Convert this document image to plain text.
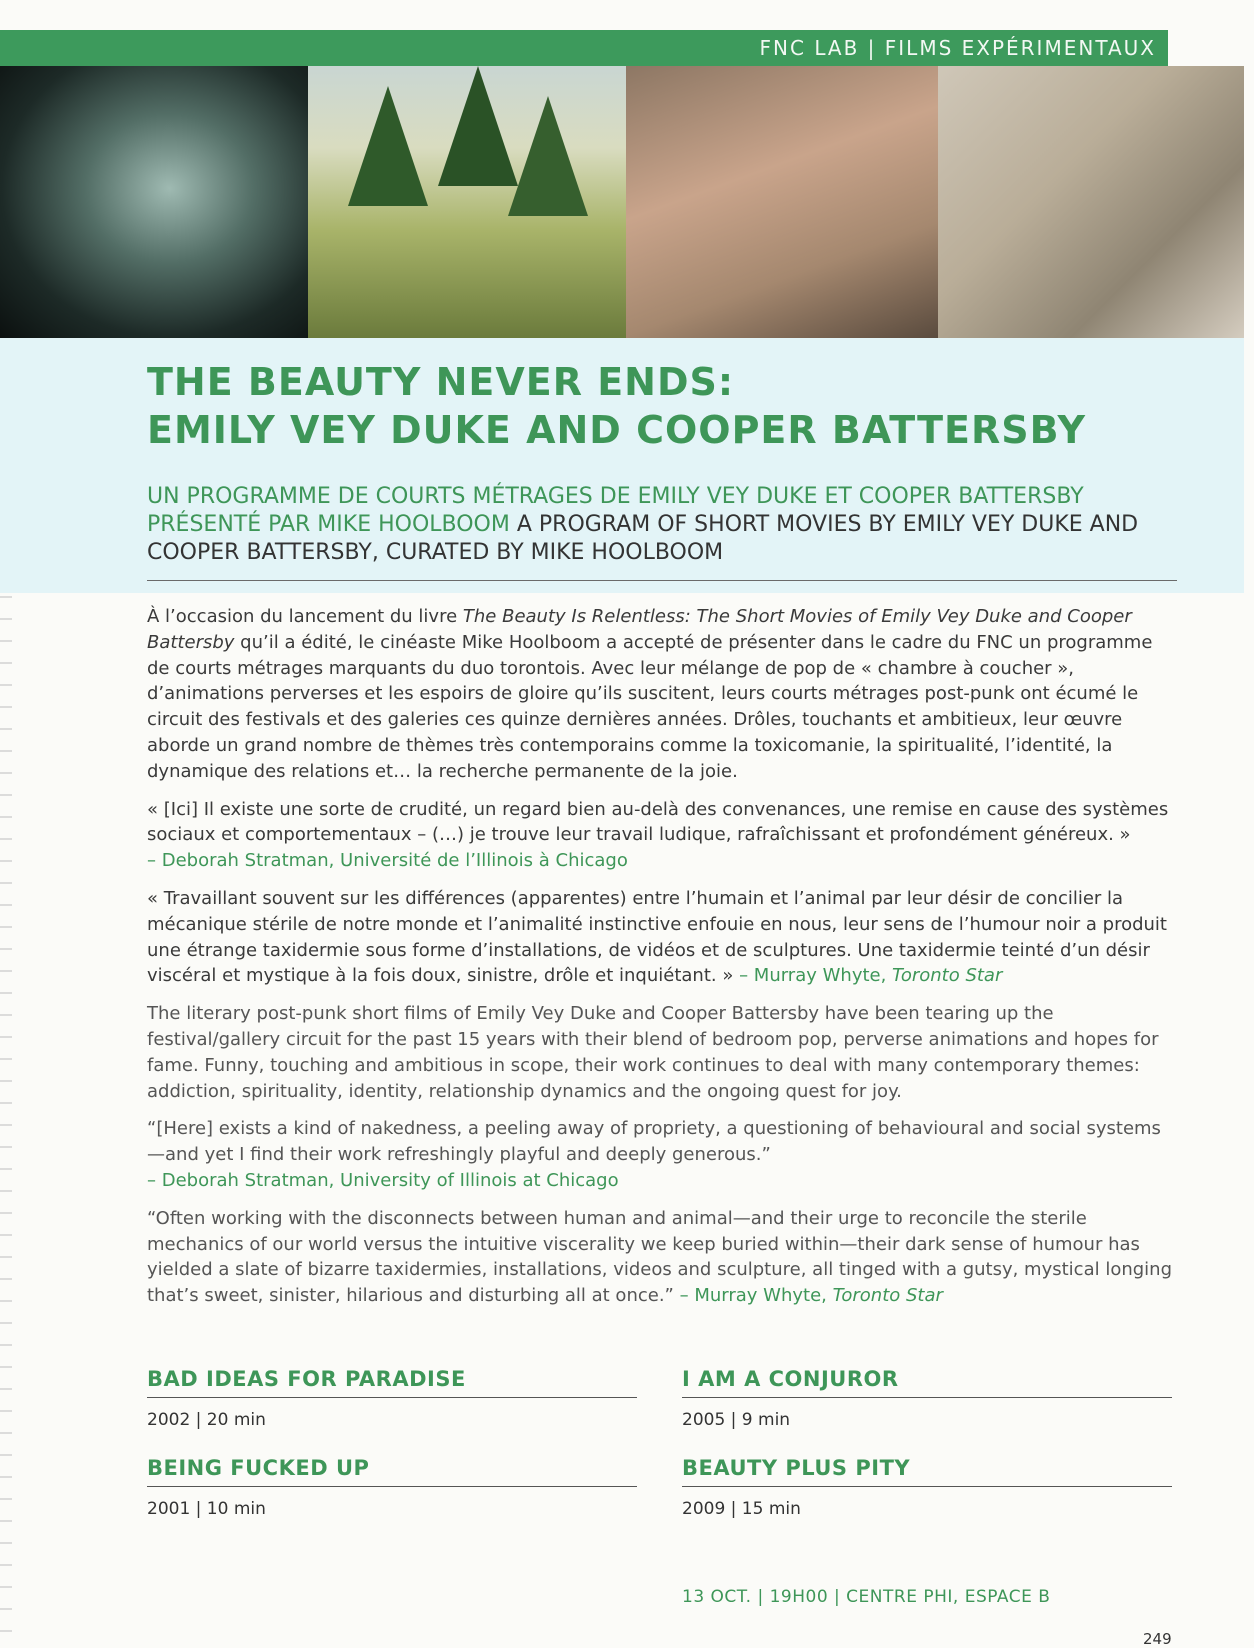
FNC LAB | FILMS EXPÉRIMENTAUX
THE BEAUTY NEVER ENDS:
EMILY VEY DUKE AND COOPER BATTERSBY

UN PROGRAMME DE COURTS MÉTRAGES DE EMILY VEY DUKE ET COOPER BATTERSBY PRÉSENTÉ PAR MIKE HOOLBOOM A PROGRAM OF SHORT MOVIES BY EMILY VEY DUKE AND COOPER BATTERSBY, CURATED BY MIKE HOOLBOOM

À l’occasion du lancement du livre The Beauty Is Relentless: The Short Movies of Emily Vey Duke and Cooper Battersby qu’il a édité, le cinéaste Mike Hoolboom a accepté de présenter dans le cadre du FNC un programme de courts métrages marquants du duo torontois. Avec leur mélange de pop de « chambre à coucher », d’animations perverses et les espoirs de gloire qu’ils suscitent, leurs courts métrages post-punk ont écumé le circuit des festivals et des galeries ces quinze dernières années. Drôles, touchants et ambitieux, leur œuvre aborde un grand nombre de thèmes très contemporains comme la toxicomanie, la spiritualité, l’identité, la dynamique des relations et… la recherche permanente de la joie.

« [Ici] Il existe une sorte de crudité, un regard bien au-delà des convenances, une remise en cause des systèmes sociaux et comportementaux – (…) je trouve leur travail ludique, rafraîchissant et profondément généreux. »
– Deborah Stratman, Université de l’Illinois à Chicago

« Travaillant souvent sur les différences (apparentes) entre l’humain et l’animal par leur désir de concilier la mécanique stérile de notre monde et l’animalité instinctive enfouie en nous, leur sens de l’humour noir a produit une étrange taxidermie sous forme d’installations, de vidéos et de sculptures. Une taxidermie teinté d’un désir viscéral et mystique à la fois doux, sinistre, drôle et inquiétant. » – Murray Whyte, Toronto Star

The literary post-punk short films of Emily Vey Duke and Cooper Battersby have been tearing up the festival/gallery circuit for the past 15 years with their blend of bedroom pop, perverse animations and hopes for fame. Funny, touching and ambitious in scope, their work continues to deal with many contemporary themes: addiction, spirituality, identity, relationship dynamics and the ongoing quest for joy.

“[Here] exists a kind of nakedness, a peeling away of propriety, a questioning of behavioural and social systems—and yet I find their work refreshingly playful and deeply generous.”
– Deborah Stratman, University of Illinois at Chicago

“Often working with the disconnects between human and animal—and their urge to reconcile the sterile mechanics of our world versus the intuitive viscerality we keep buried within—their dark sense of humour has yielded a slate of bizarre taxidermies, installations, videos and sculpture, all tinged with a gutsy, mystical longing that’s sweet, sinister, hilarious and disturbing all at once.” – Murray Whyte, Toronto Star

BAD IDEAS FOR PARADISE
2002 | 20 min
I AM A CONJUROR
2005 | 9 min
BEING FUCKED UP
2001 | 10 min
BEAUTY PLUS PITY
2009 | 15 min
13 OCT. | 19H00 | CENTRE PHI, ESPACE B
249
